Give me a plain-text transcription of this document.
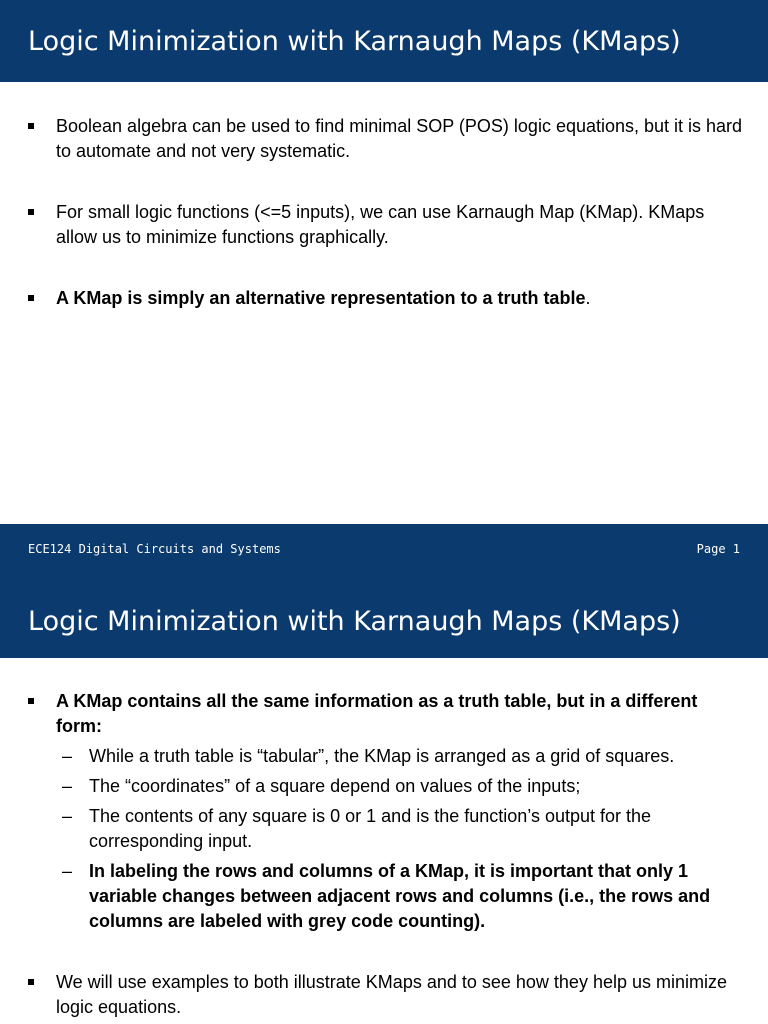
Logic Minimization with Karnaugh Maps (KMaps)
Boolean algebra can be used to find minimal SOP (POS) logic equations, but it is hard to automate and not very systematic.
For small logic functions (<=5 inputs), we can use Karnaugh Map (KMap). KMaps allow us to minimize functions graphically.
A KMap is simply an alternative representation to a truth table.
ECE124 Digital Circuits and Systems	Page 1
Logic Minimization with Karnaugh Maps (KMaps)
A KMap contains all the same information as a truth table, but in a different form:
– While a truth table is “tabular”, the KMap is arranged as a grid of squares.
– The “coordinates” of a square depend on values of the inputs;
– The contents of any square is 0 or 1 and is the function’s output for the corresponding input.
– In labeling the rows and columns of a KMap, it is important that only 1 variable changes between adjacent rows and columns (i.e., the rows and columns are labeled with grey code counting).
We will use examples to both illustrate KMaps and to see how they help us minimize logic equations.
